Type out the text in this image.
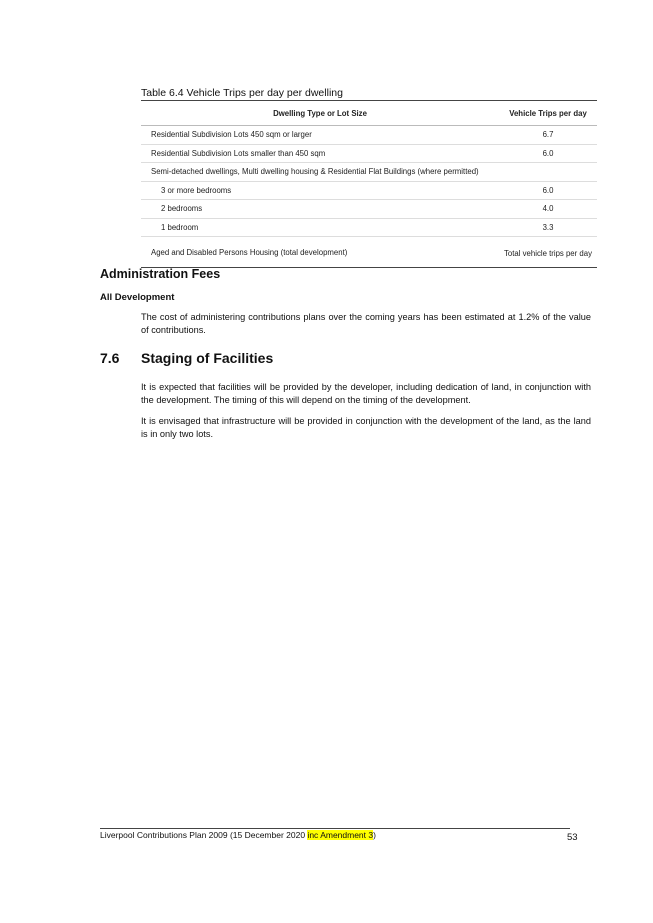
Table 6.4 Vehicle Trips per day per dwelling
Dwelling Type or Lot Size	Vehicle Trips per day
Residential Subdivision Lots 450 sqm or larger	6.7
Residential Subdivision Lots smaller than 450 sqm	6.0
Semi-detached dwellings, Multi dwelling housing & Residential Flat Buildings (where permitted)	
3 or more bedrooms	6.0
2 bedrooms	4.0
1 bedroom	3.3
Aged and Disabled Persons Housing (total development)	Total vehicle trips per day
Administration Fees
All Development

The cost of administering contributions plans over the coming years has been estimated at 1.2% of the value of contributions.

7.6	Staging of Facilities

It is expected that facilities will be provided by the developer, including dedication of land, in conjunction with the development. The timing of this will depend on the timing of the development.

It is envisaged that infrastructure will be provided in conjunction with the development of the land, as the land is in only two lots.

Liverpool Contributions Plan 2009 (15 December 2020 inc Amendment 3)	53
